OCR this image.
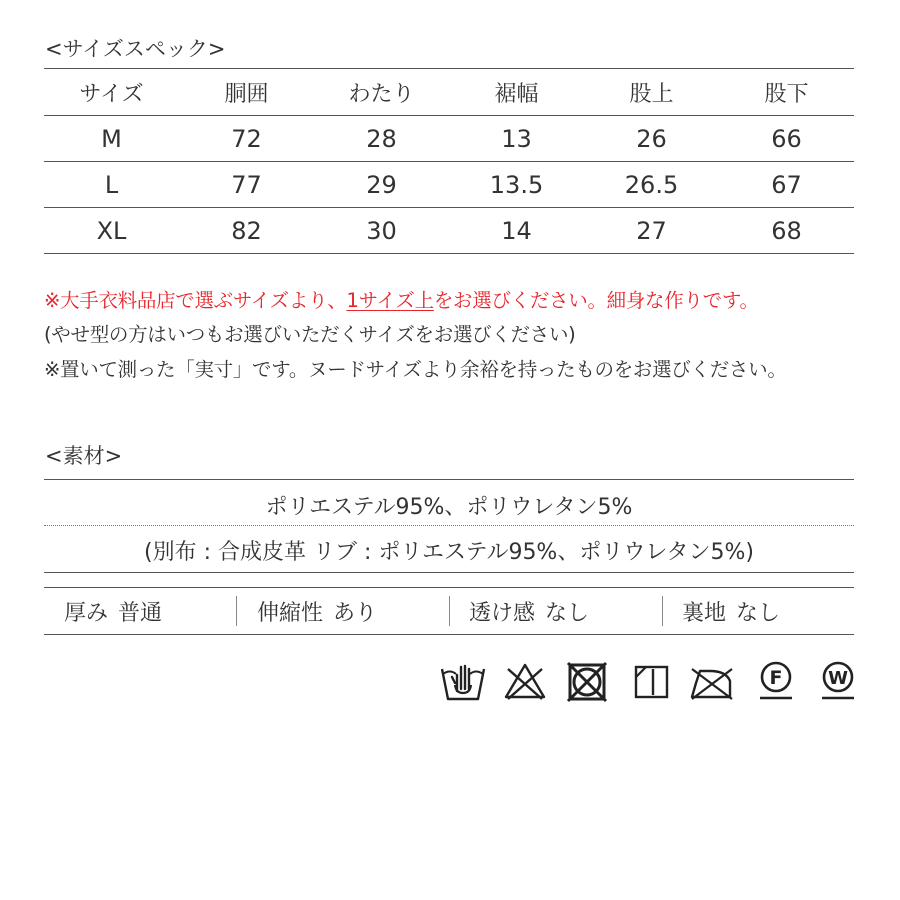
<サイズスペック>
サイズ	胴囲	わたり	裾幅	股上	股下
M	72	28	13	26	66
L	77	29	13.5	26.5	67
XL	82	30	14	27	68
※大手衣料品店で選ぶサイズより、1サイズ上をお選びください。細身な作りです。
(やせ型の方はいつもお選びいただくサイズをお選びください)
※置いて測った「実寸」です。ヌードサイズより余裕を持ったものをお選びください。
<素材>
ポリエステル95%、ポリウレタン5%
(別布 : 合成皮革 リブ : ポリエステル95%、ポリウレタン5%)
厚み 普通	伸縮性 あり	透け感 なし	裏地 なし
F	W
